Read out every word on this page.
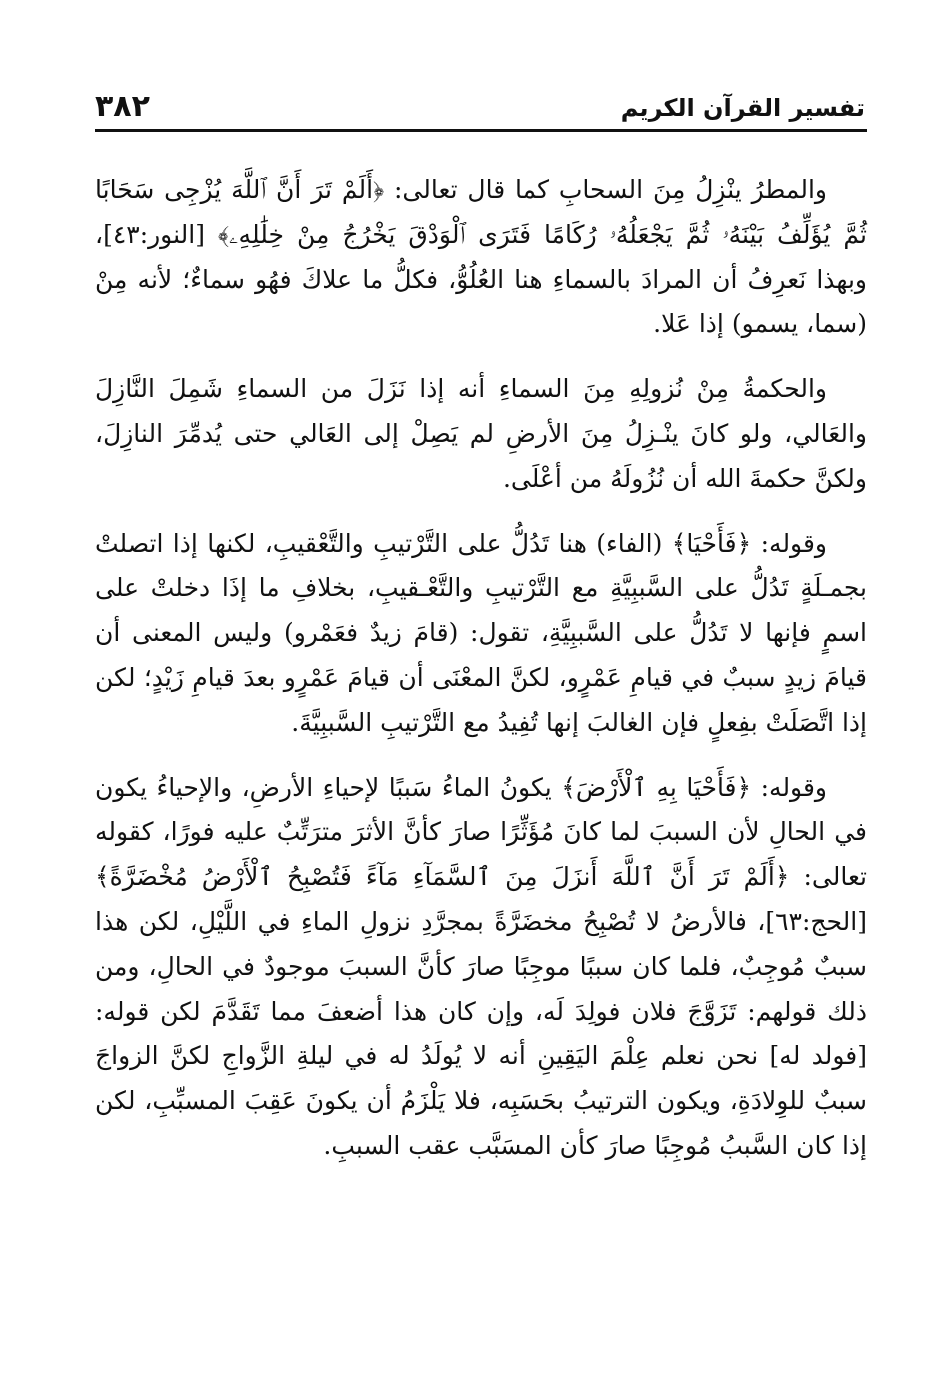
٣٨٢	تفسير القرآن الكريم

والمطرُ ينْزِلُ مِنَ السحابِ كما قال تعالى: ﴿أَلَمْ تَرَ أَنَّ ٱللَّهَ يُزْجِى سَحَابًا ثُمَّ يُؤَلِّفُ بَيْنَهُۥ ثُمَّ يَجْعَلُهُۥ رُكَامًا فَتَرَى ٱلْوَدْقَ يَخْرُجُ مِنْ خِلَٰلِهِۦ﴾ [النور:٤٣]، وبهذا نَعرِفُ أن المرادَ بالسماءِ هنا العُلُوُّ، فكلُّ ما علاكَ فهُو سماءٌ؛ لأنه مِنْ (سما، يسمو) إذا عَلا.

والحكمةُ مِنْ نُزولِهِ مِنَ السماءِ أنه إذا نَزَلَ من السماءِ شَمِلَ النَّازِلَ والعَالي، ولو كانَ ينْـزِلُ مِنَ الأرضِ لم يَصِلْ إلى العَالي حتى يُدمِّرَ النازِلَ، ولكنَّ حكمةَ الله أن نُزُولَهُ من أعْلَى.

وقوله: ﴿فَأَحْيَا﴾ (الفاء) هنا تَدُلُّ على التَّرْتيبِ والتَّعْقيبِ، لكنها إذا اتصلتْ بجمـلَةٍ تَدُلُّ على السَّببِيَّةِ مع التَّرْتيبِ والتَّعْـقيبِ، بخلافِ ما إذَا دخلتْ على اسمٍ فإنها لا تَدُلُّ على السَّببِيَّةِ، تقول: (قامَ زيدٌ فعَمْرو) وليس المعنى أن قيامَ زيدٍ سببٌ في قيامِ عَمْرٍو، لكنَّ المعْنَى أن قيامَ عَمْرٍو بعدَ قيامِ زَيْدٍ؛ لكن إذا اتَّصَلَتْ بفِعلٍ فإن الغالبَ إنها تُفِيدُ مع التَّرْتيبِ السَّببِيَّةَ.

وقوله: ﴿فَأَحْيَا بِهِ ٱلْأَرْضَ﴾ يكونُ الماءُ سَببًا لإحياءِ الأرضِ، والإحياءُ يكون في الحالِ لأن السببَ لما كانَ مُؤَثِّرًا صارَ كأنَّ الأثرَ مترَتِّبٌ عليه فورًا، كقوله تعالى: ﴿أَلَمْ تَرَ أَنَّ ٱللَّهَ أَنزَلَ مِنَ ٱلسَّمَآءِ مَآءً فَتُصْبِحُ ٱلْأَرْضُ مُخْضَرَّةً﴾ [الحج:٦٣]، فالأرضُ لا تُصْبِحُ مخضَرَّةً بمجرَّدِ نزولِ الماءِ في اللَّيْلِ، لكن هذا سببٌ مُوجِبٌ، فلما كان سببًا موجِبًا صارَ كأنَّ السببَ موجودٌ في الحالِ، ومن ذلك قولهم: تَزَوَّجَ فلان فولِدَ لَه، وإن كان هذا أضعفَ مما تَقَدَّمَ لكن قوله: [فولد له] نحن نعلم عِلْمَ اليَقِينِ أنه لا يُولَدُ له في ليلةِ الزَّواجِ لكنَّ الزواجَ سببٌ للوِلادَةِ، ويكون الترتيبُ بحَسَبِه، فلا يَلْزَمُ أن يكونَ عَقِبَ المسبِّبِ، لكن إذا كان السَّببُ مُوجِبًا صارَ كأن المسَبَّب عقب السببِ.
